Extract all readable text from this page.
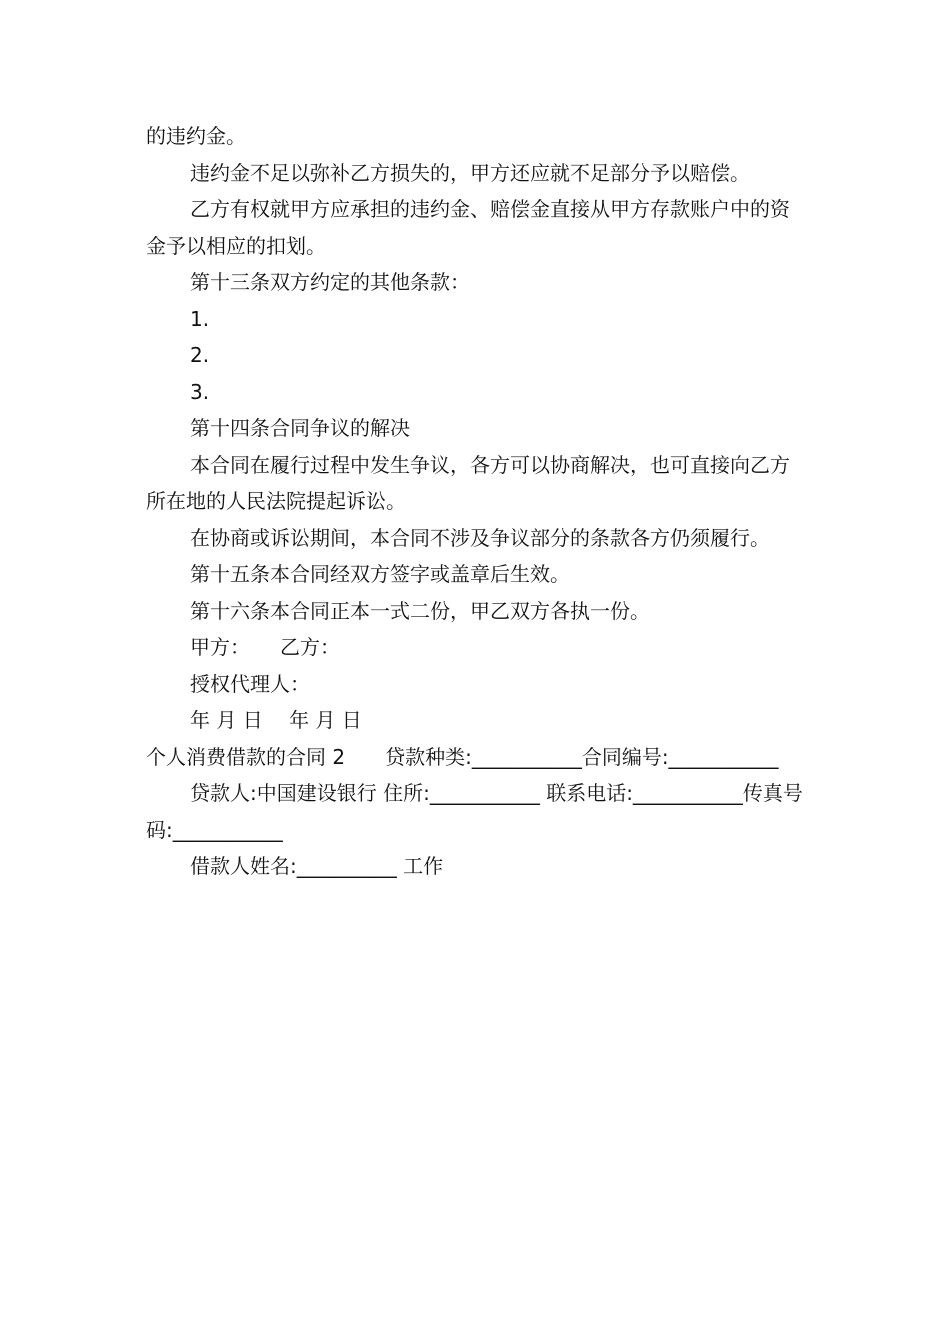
的违约金。

违约金不足以弥补乙方损失的，甲方还应就不足部分予以赔偿。

乙方有权就甲方应承担的违约金、赔偿金直接从甲方存款账户中的资金予以相应的扣划。

第十三条双方约定的其他条款：

1.

2.

3.

第十四条合同争议的解决

本合同在履行过程中发生争议，各方可以协商解决，也可直接向乙方所在地的人民法院提起诉讼。

在协商或诉讼期间，本合同不涉及争议部分的条款各方仍须履行。

第十五条本合同经双方签字或盖章后生效。

第十六条本合同正本一式二份，甲乙双方各执一份。

甲方：　　乙方：

授权代理人：

年 月 日　 年 月 日

个人消费借款的合同 2　　贷款种类:___________合同编号:___________

贷款人:中国建设银行 住所:___________ 联系电话:___________传真号码:___________

借款人姓名:__________ 工作
